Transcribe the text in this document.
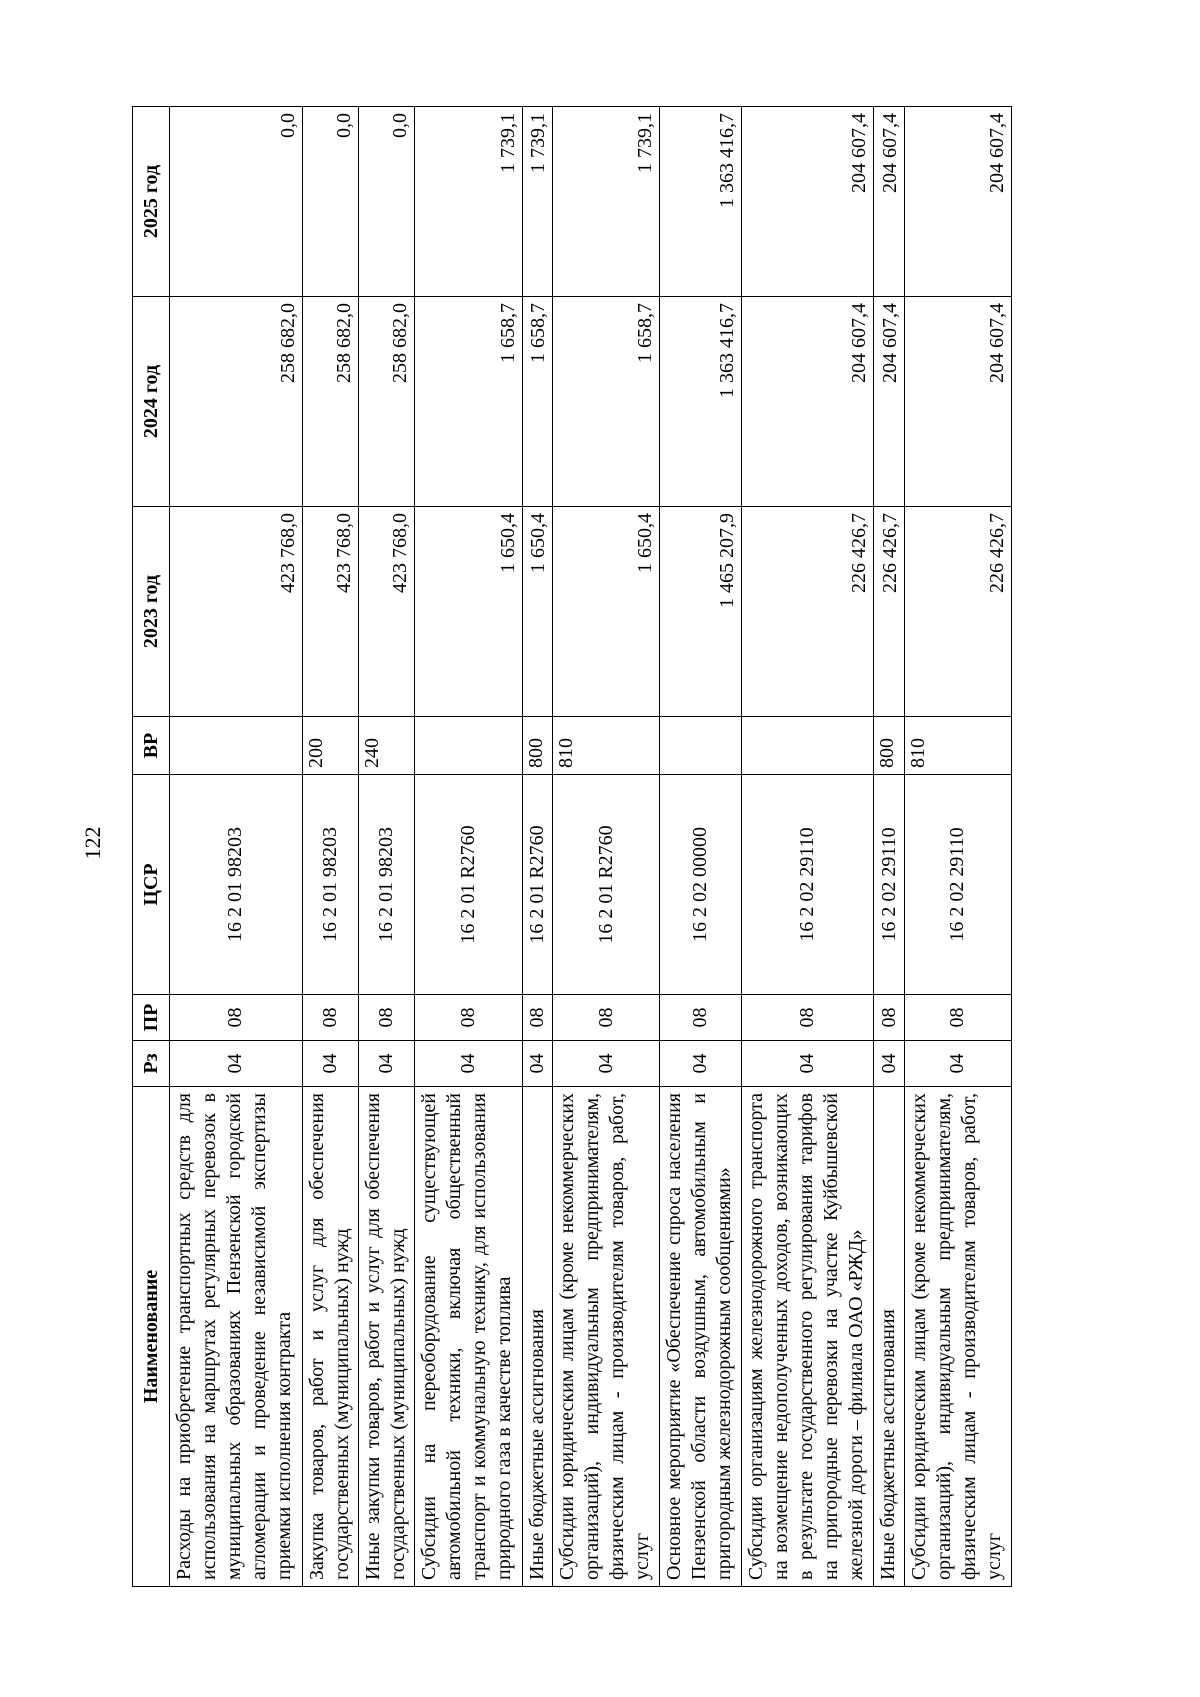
122
Наименование	Рз	ПР	ЦСР	ВР	2023 год	2024 год	2025 год
Расходы на приобретение транспортных средств для использования на маршрутах регулярных перевозок в муниципальных образованиях Пензенской городской агломерации и проведение независимой экспертизы приемки исполнения контракта	04	08	16 2 01 98203		423 768,0	258 682,0	0,0
Закупка товаров, работ и услуг для обеспечения государственных (муниципальных) нужд	04	08	16 2 01 98203	200	423 768,0	258 682,0	0,0
Иные закупки товаров, работ и услуг для обеспечения государственных (муниципальных) нужд	04	08	16 2 01 98203	240	423 768,0	258 682,0	0,0
Субсидии на переоборудование существующей автомобильной техники, включая общественный транспорт и коммунальную технику, для использования природного газа в качестве топлива	04	08	16 2 01 R2760		1 650,4	1 658,7	1 739,1
Иные бюджетные ассигнования	04	08	16 2 01 R2760	800	1 650,4	1 658,7	1 739,1
Субсидии юридическим лицам (кроме некоммерческих организаций), индивидуальным предпринимателям, физическим лицам - производителям товаров, работ, услуг	04	08	16 2 01 R2760	810	1 650,4	1 658,7	1 739,1
Основное мероприятие «Обеспечение спроса населения Пензенской области воздушным, автомобильным и пригородным железнодорожным сообщениями»	04	08	16 2 02 00000		1 465 207,9	1 363 416,7	1 363 416,7
Субсидии организациям железнодорожного транспорта на возмещение недополученных доходов, возникающих в результате государственного регулирования тарифов на пригородные перевозки на участке Куйбышевской железной дороги – филиала ОАО «РЖД»	04	08	16 2 02 29110		226 426,7	204 607,4	204 607,4
Иные бюджетные ассигнования	04	08	16 2 02 29110	800	226 426,7	204 607,4	204 607,4
Субсидии юридическим лицам (кроме некоммерческих организаций), индивидуальным предпринимателям, физическим лицам - производителям товаров, работ, услуг	04	08	16 2 02 29110	810	226 426,7	204 607,4	204 607,4
